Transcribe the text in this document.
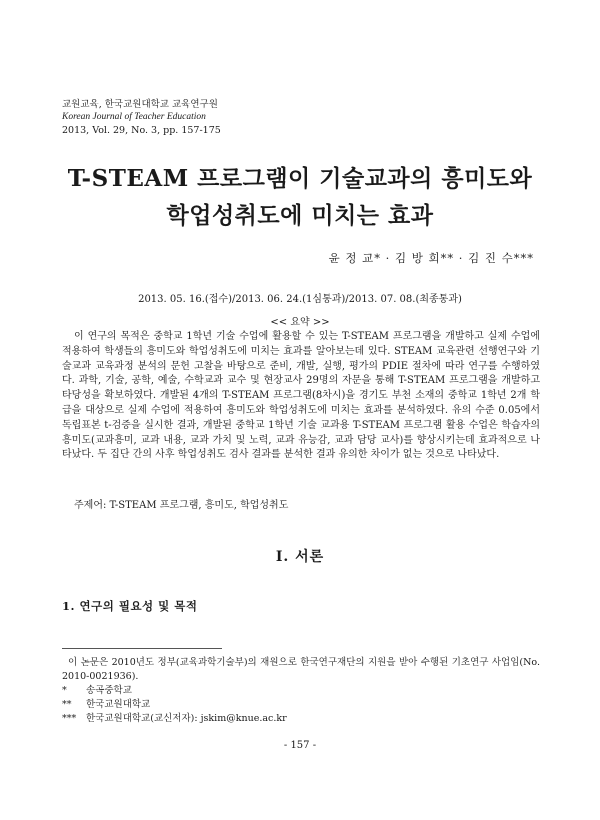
교원교육, 한국교원대학교 교육연구원
Korean Journal of Teacher Education
2013, Vol. 29, No. 3, pp. 157-175
T-STEAM 프로그램이 기술교과의 흥미도와
학업성취도에 미치는 효과
윤 정 교* · 김 방 희** · 김 진 수***
2013. 05. 16.(접수)/2013. 06. 24.(1심통과)/2013. 07. 08.(최종통과)
<< 요약 >>
이 연구의 목적은 중학교 1학년 기술 수업에 활용할 수 있는 T-STEAM 프로그램을 개발하고 실제 수업에 적용하여 학생들의 흥미도와 학업성취도에 미치는 효과를 알아보는데 있다. STEAM 교육관련 선행연구와 기술교과 교육과정 분석의 문헌 고찰을 바탕으로 준비, 개발, 실행, 평가의 PDIE 절차에 따라 연구를 수행하였다. 과학, 기술, 공학, 예술, 수학교과 교수 및 현장교사 29명의 자문을 통해 T-STEAM 프로그램을 개발하고 타당성을 확보하였다. 개발된 4개의 T-STEAM 프로그램(8차시)을 경기도 부천 소재의 중학교 1학년 2개 학급을 대상으로 실제 수업에 적용하여 흥미도와 학업성취도에 미치는 효과를 분석하였다. 유의 수준 0.05에서 독립표본 t-검증을 실시한 결과, 개발된 중학교 1학년 기술 교과용 T-STEAM 프로그램 활용 수업은 학습자의 흥미도(교과흥미, 교과 내용, 교과 가치 및 노력, 교과 유능감, 교과 담당 교사)를 향상시키는데 효과적으로 나타났다. 두 집단 간의 사후 학업성취도 검사 결과를 분석한 결과 유의한 차이가 없는 것으로 나타났다.
주제어: T-STEAM 프로그램, 흥미도, 학업성취도
Ⅰ. 서론
1. 연구의 필요성 및 목적
이 논문은 2010년도 정부(교육과학기술부)의 재원으로 한국연구재단의 지원을 받아 수행된 기초연구 사업임(No. 2010-0021936).
*	송곡중학교
**	한국교원대학교
***	한국교원대학교(교신저자): jskim@knue.ac.kr
- 157 -
